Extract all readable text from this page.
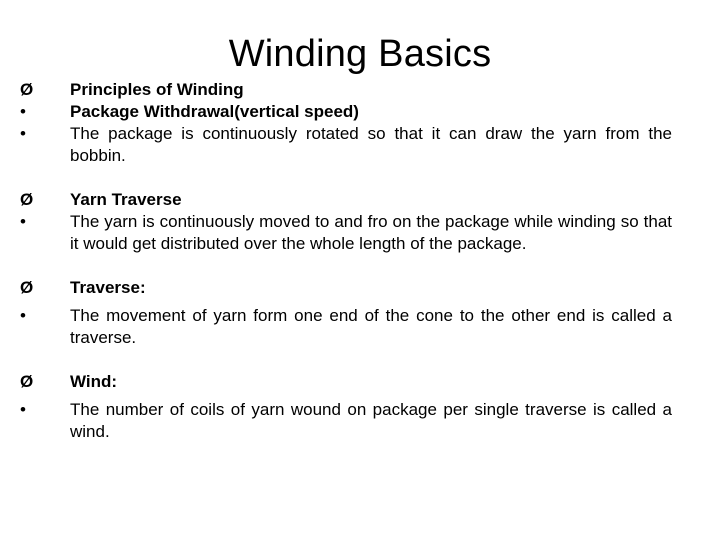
Winding Basics
Ø	Principles of Winding
•	Package Withdrawal(vertical speed)
•	The package is continuously rotated so that it can draw the yarn from the bobbin.
Ø	Yarn Traverse
•	The yarn is continuously moved to and fro on the package while winding so that it would get distributed over the whole length of the package.
Ø	Traverse:
•	The movement of yarn form one end of the cone to the other end is called a traverse.
Ø	Wind:
•	The number of coils of yarn wound on package per single traverse is called a wind.
